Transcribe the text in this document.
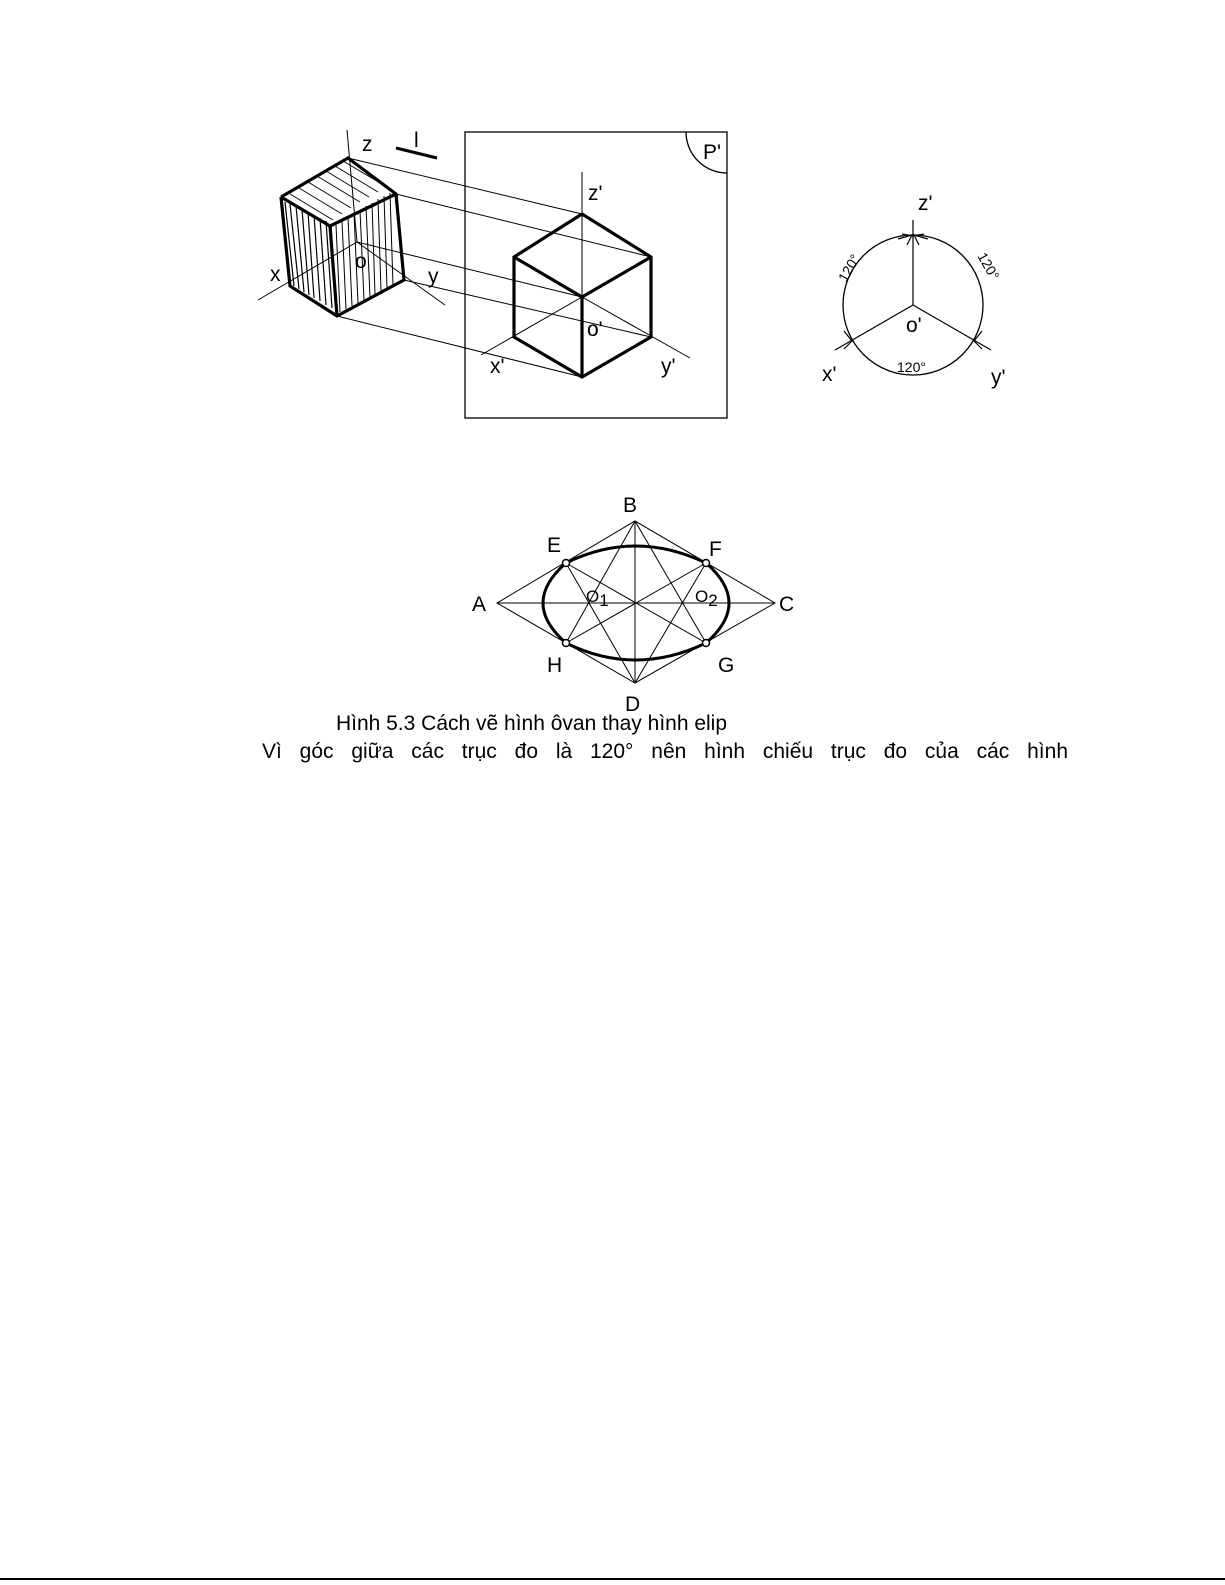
z l
x
o
y
P'
z'
o'
x'	y'
z'
o'
x'	y'
120°	120°
120°
A
B
C
D
E	F
G
H
O1	O2

Hình 5.3 Cách vẽ hình ôvan thay hình elip

Vì góc giữa các trục đo là 120° nên hình chiếu trục đo của các hình
